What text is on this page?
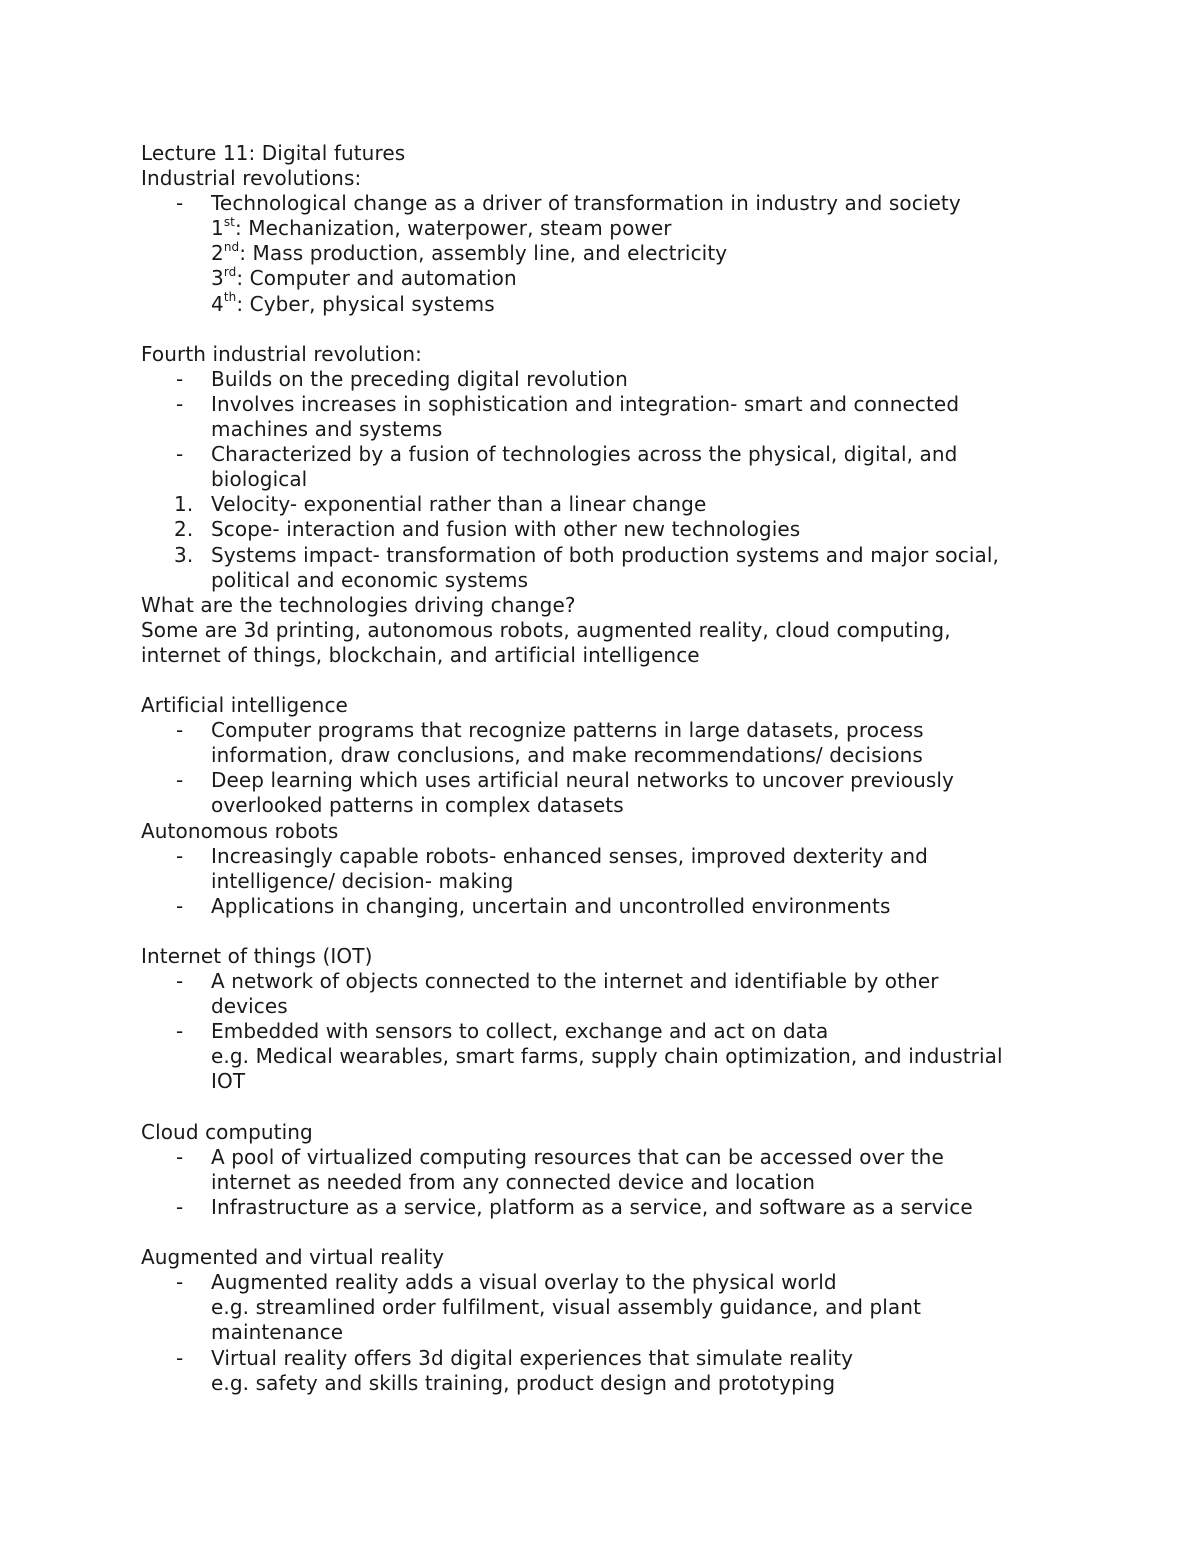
Lecture 11: Digital futures
Industrial revolutions:
- Technological change as a driver of transformation in industry and society
1st: Mechanization, waterpower, steam power
2nd: Mass production, assembly line, and electricity
3rd: Computer and automation
4th: Cyber, physical systems
Fourth industrial revolution:
- Builds on the preceding digital revolution
- Involves increases in sophistication and integration- smart and connected
machines and systems
- Characterized by a fusion of technologies across the physical, digital, and
biological
1. Velocity- exponential rather than a linear change
2. Scope- interaction and fusion with other new technologies
3. Systems impact- transformation of both production systems and major social,
political and economic systems
What are the technologies driving change?
Some are 3d printing, autonomous robots, augmented reality, cloud computing,
internet of things, blockchain, and artificial intelligence
Artificial intelligence
- Computer programs that recognize patterns in large datasets, process
information, draw conclusions, and make recommendations/ decisions
- Deep learning which uses artificial neural networks to uncover previously
overlooked patterns in complex datasets
Autonomous robots
- Increasingly capable robots- enhanced senses, improved dexterity and
intelligence/ decision- making
- Applications in changing, uncertain and uncontrolled environments
Internet of things (IOT)
- A network of objects connected to the internet and identifiable by other
devices
- Embedded with sensors to collect, exchange and act on data
e.g. Medical wearables, smart farms, supply chain optimization, and industrial
IOT
Cloud computing
- A pool of virtualized computing resources that can be accessed over the
internet as needed from any connected device and location
- Infrastructure as a service, platform as a service, and software as a service
Augmented and virtual reality
- Augmented reality adds a visual overlay to the physical world
e.g. streamlined order fulfilment, visual assembly guidance, and plant
maintenance
- Virtual reality offers 3d digital experiences that simulate reality
e.g. safety and skills training, product design and prototyping
